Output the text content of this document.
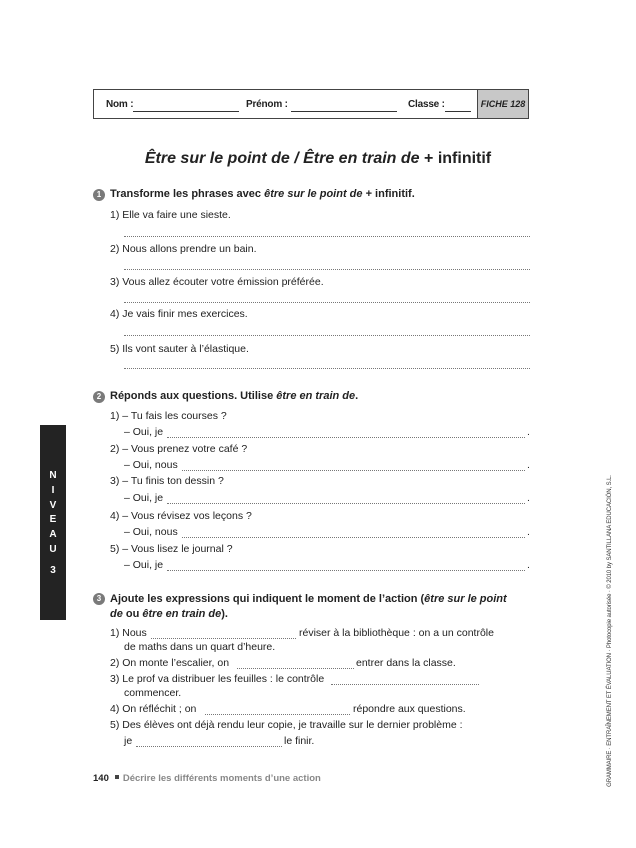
Nom :	Prénom :	Classe :	FICHE 128
Être sur le point de / Être en train de + infinitif
1 Transforme les phrases avec être sur le point de + infinitif.
1) Elle va faire une sieste.
2) Nous allons prendre un bain.
3) Vous allez écouter votre émission préférée.
4) Je vais finir mes exercices.
5) Ils vont sauter à l’élastique.
2 Réponds aux questions. Utilise être en train de.
1) – Tu fais les courses ?
– Oui, je	.
2) – Vous prenez votre café ?
– Oui, nous	.
3) – Tu finis ton dessin ?
– Oui, je	.
4) – Vous révisez vos leçons ?
– Oui, nous	.
5) – Vous lisez le journal ?
– Oui, je	.
3 Ajoute les expressions qui indiquent le moment de l’action (être sur le point
de ou être en train de).
1) Nous	réviser à la bibliothèque : on a un contrôle
de maths dans un quart d’heure.
2) On monte l’escalier, on	entrer dans la classe.
3) Le prof va distribuer les feuilles : le contrôle
commencer.
4) On réfléchit ; on	répondre aux questions.
5) Des élèves ont déjà rendu leur copie, je travaille sur le dernier problème :
je	le finir.
N
I
V
E
A
U
3	GRAMMAIRE · ENTRAÎNEMENT ET ÉVALUATION · Photocopie autorisée · © 2010 by SANTILLANA EDUCACIÓN, S.L.
140 Décrire les différents moments d’une action
